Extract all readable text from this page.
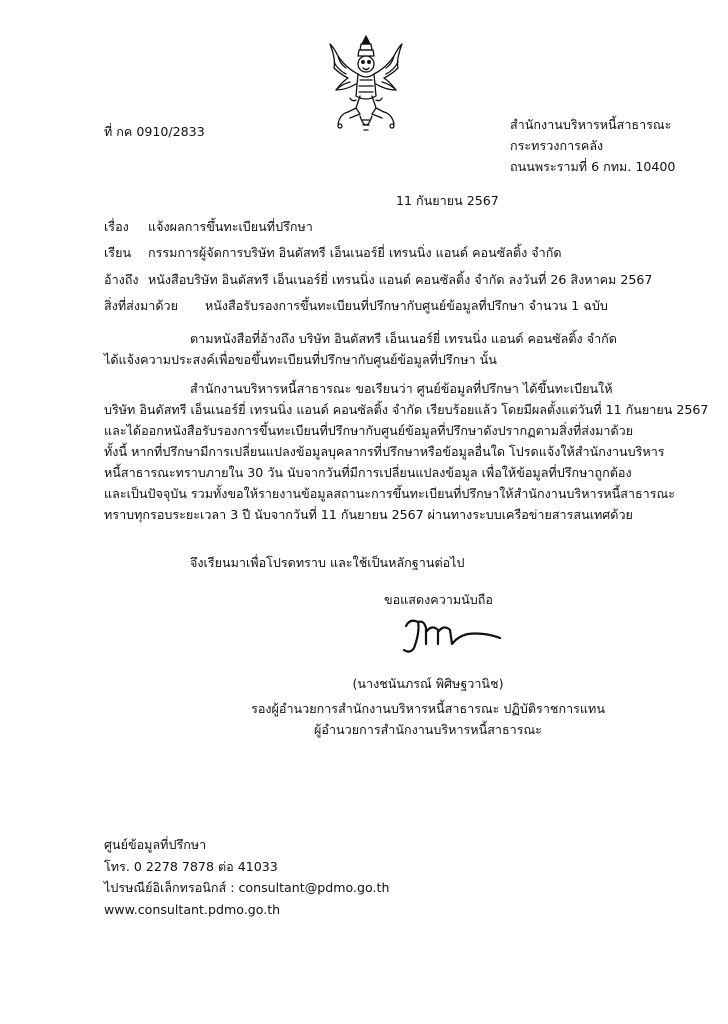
ที่ กค 0910/2833	สำนักงานบริหารหนี้สาธารณะ
กระทรวงการคลัง
ถนนพระรามที่ 6 กทม. 10400
11 กันยายน 2567
เรื่อง แจ้งผลการขึ้นทะเบียนที่ปรึกษา
เรียน กรรมการผู้จัดการบริษัท อินดัสทรี เอ็นเนอร์ยี่ เทรนนิ่ง แอนด์ คอนซัลติ้ง จำกัด
อ้างถึง หนังสือบริษัท อินดัสทรี เอ็นเนอร์ยี่ เทรนนิ่ง แอนด์ คอนซัลติ้ง จำกัด ลงวันที่ 26 สิงหาคม 2567
สิ่งที่ส่งมาด้วย หนังสือรับรองการขึ้นทะเบียนที่ปรึกษากับศูนย์ข้อมูลที่ปรึกษา จำนวน 1 ฉบับ
ตามหนังสือที่อ้างถึง บริษัท อินดัสทรี เอ็นเนอร์ยี่ เทรนนิ่ง แอนด์ คอนซัลติ้ง จำกัด
ได้แจ้งความประสงค์เพื่อขอขึ้นทะเบียนที่ปรึกษากับศูนย์ข้อมูลที่ปรึกษา นั้น
สำนักงานบริหารหนี้สาธารณะ ขอเรียนว่า ศูนย์ข้อมูลที่ปรึกษา ได้ขึ้นทะเบียนให้
บริษัท อินดัสทรี เอ็นเนอร์ยี่ เทรนนิ่ง แอนด์ คอนซัลติ้ง จำกัด เรียบร้อยแล้ว โดยมีผลตั้งแต่วันที่ 11 กันยายน 2567
และได้ออกหนังสือรับรองการขึ้นทะเบียนที่ปรึกษากับศูนย์ข้อมูลที่ปรึกษาดังปรากฏตามสิ่งที่ส่งมาด้วย
ทั้งนี้ หากที่ปรึกษามีการเปลี่ยนแปลงข้อมูลบุคลากรที่ปรึกษาหรือข้อมูลอื่นใด โปรดแจ้งให้สำนักงานบริหาร
หนี้สาธารณะทราบภายใน 30 วัน นับจากวันที่มีการเปลี่ยนแปลงข้อมูล เพื่อให้ข้อมูลที่ปรึกษาถูกต้อง
และเป็นปัจจุบัน รวมทั้งขอให้รายงานข้อมูลสถานะการขึ้นทะเบียนที่ปรึกษาให้สำนักงานบริหารหนี้สาธารณะ
ทราบทุกรอบระยะเวลา 3 ปี นับจากวันที่ 11 กันยายน 2567 ผ่านทางระบบเครือข่ายสารสนเทศด้วย
จึงเรียนมาเพื่อโปรดทราบ และใช้เป็นหลักฐานต่อไป
ขอแสดงความนับถือ
(นางชนันภรณ์ พิศิษฐวานิช)
รองผู้อำนวยการสำนักงานบริหารหนี้สาธารณะ ปฏิบัติราชการแทน
ผู้อำนวยการสำนักงานบริหารหนี้สาธารณะ
ศูนย์ข้อมูลที่ปรึกษา
โทร. 0 2278 7878 ต่อ 41033
ไปรษณีย์อิเล็กทรอนิกส์ : consultant@pdmo.go.th
www.consultant.pdmo.go.th
